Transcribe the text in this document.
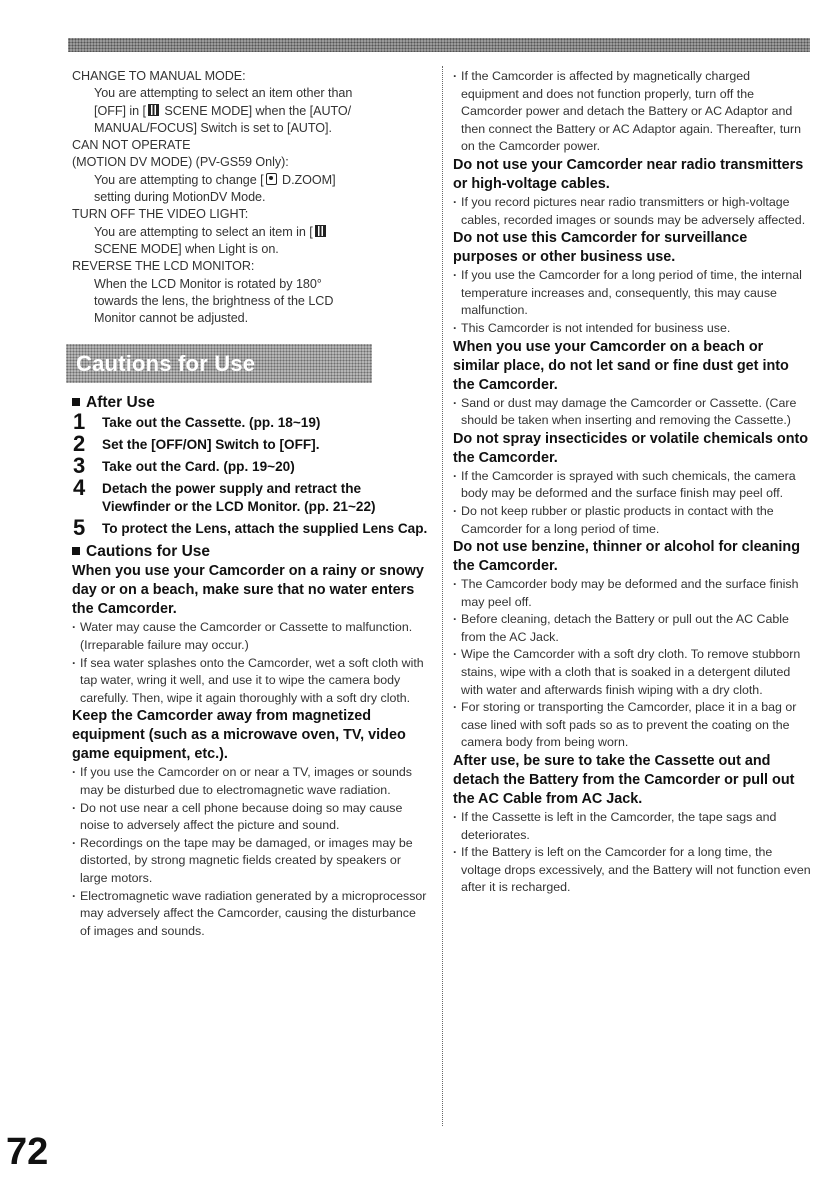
CHANGE TO MANUAL MODE:
You are attempting to select an item other than
[OFF] in [ SCENE MODE] when the [AUTO/
MANUAL/FOCUS] Switch is set to [AUTO].
CAN NOT OPERATE
(MOTION DV MODE) (PV-GS59 Only):
You are attempting to change [ D.ZOOM]
setting during MotionDV Mode.
TURN OFF THE VIDEO LIGHT:
You are attempting to select an item in [
SCENE MODE] when Light is on.
REVERSE THE LCD MONITOR:
When the LCD Monitor is rotated by 180°
towards the lens, the brightness of the LCD
Monitor cannot be adjusted.
Cautions for Use
After Use
1 Take out the Cassette. (pp. 18~19)
2 Set the [OFF/ON] Switch to [OFF].
3 Take out the Card. (pp. 19~20)
4 Detach the power supply and retract the Viewfinder or the LCD Monitor. (pp. 21~22)
5 To protect the Lens, attach the supplied Lens Cap.
Cautions for Use
When you use your Camcorder on a rainy or snowy day or on a beach, make sure that no water enters the Camcorder.
· Water may cause the Camcorder or Cassette to malfunction. (Irreparable failure may occur.)
· If sea water splashes onto the Camcorder, wet a soft cloth with tap water, wring it well, and use it to wipe the camera body carefully. Then, wipe it again thoroughly with a soft dry cloth.
Keep the Camcorder away from magnetized equipment (such as a microwave oven, TV, video game equipment, etc.).
· If you use the Camcorder on or near a TV, images or sounds may be disturbed due to electromagnetic wave radiation.
· Do not use near a cell phone because doing so may cause noise to adversely affect the picture and sound.
· Recordings on the tape may be damaged, or images may be distorted, by strong magnetic fields created by speakers or large motors.
· Electromagnetic wave radiation generated by a microprocessor may adversely affect the Camcorder, causing the disturbance of images and sounds.
· If the Camcorder is affected by magnetically charged equipment and does not function properly, turn off the Camcorder power and detach the Battery or AC Adaptor and then connect the Battery or AC Adaptor again. Thereafter, turn on the Camcorder power.
Do not use your Camcorder near radio transmitters or high-voltage cables.
· If you record pictures near radio transmitters or high-voltage cables, recorded images or sounds may be adversely affected.
Do not use this Camcorder for surveillance purposes or other business use.
· If you use the Camcorder for a long period of time, the internal temperature increases and, consequently, this may cause malfunction.
· This Camcorder is not intended for business use.
When you use your Camcorder on a beach or similar place, do not let sand or fine dust get into the Camcorder.
· Sand or dust may damage the Camcorder or Cassette. (Care should be taken when inserting and removing the Cassette.)
Do not spray insecticides or volatile chemicals onto the Camcorder.
· If the Camcorder is sprayed with such chemicals, the camera body may be deformed and the surface finish may peel off.
· Do not keep rubber or plastic products in contact with the Camcorder for a long period of time.
Do not use benzine, thinner or alcohol for cleaning the Camcorder.
· The Camcorder body may be deformed and the surface finish may peel off.
· Before cleaning, detach the Battery or pull out the AC Cable from the AC Jack.
· Wipe the Camcorder with a soft dry cloth. To remove stubborn stains, wipe with a cloth that is soaked in a detergent diluted with water and afterwards finish wiping with a dry cloth.
· For storing or transporting the Camcorder, place it in a bag or case lined with soft pads so as to prevent the coating on the camera body from being worn.
After use, be sure to take the Cassette out and detach the Battery from the Camcorder or pull out the AC Cable from AC Jack.
· If the Cassette is left in the Camcorder, the tape sags and deteriorates.
· If the Battery is left on the Camcorder for a long time, the voltage drops excessively, and the Battery will not function even after it is recharged.
72
